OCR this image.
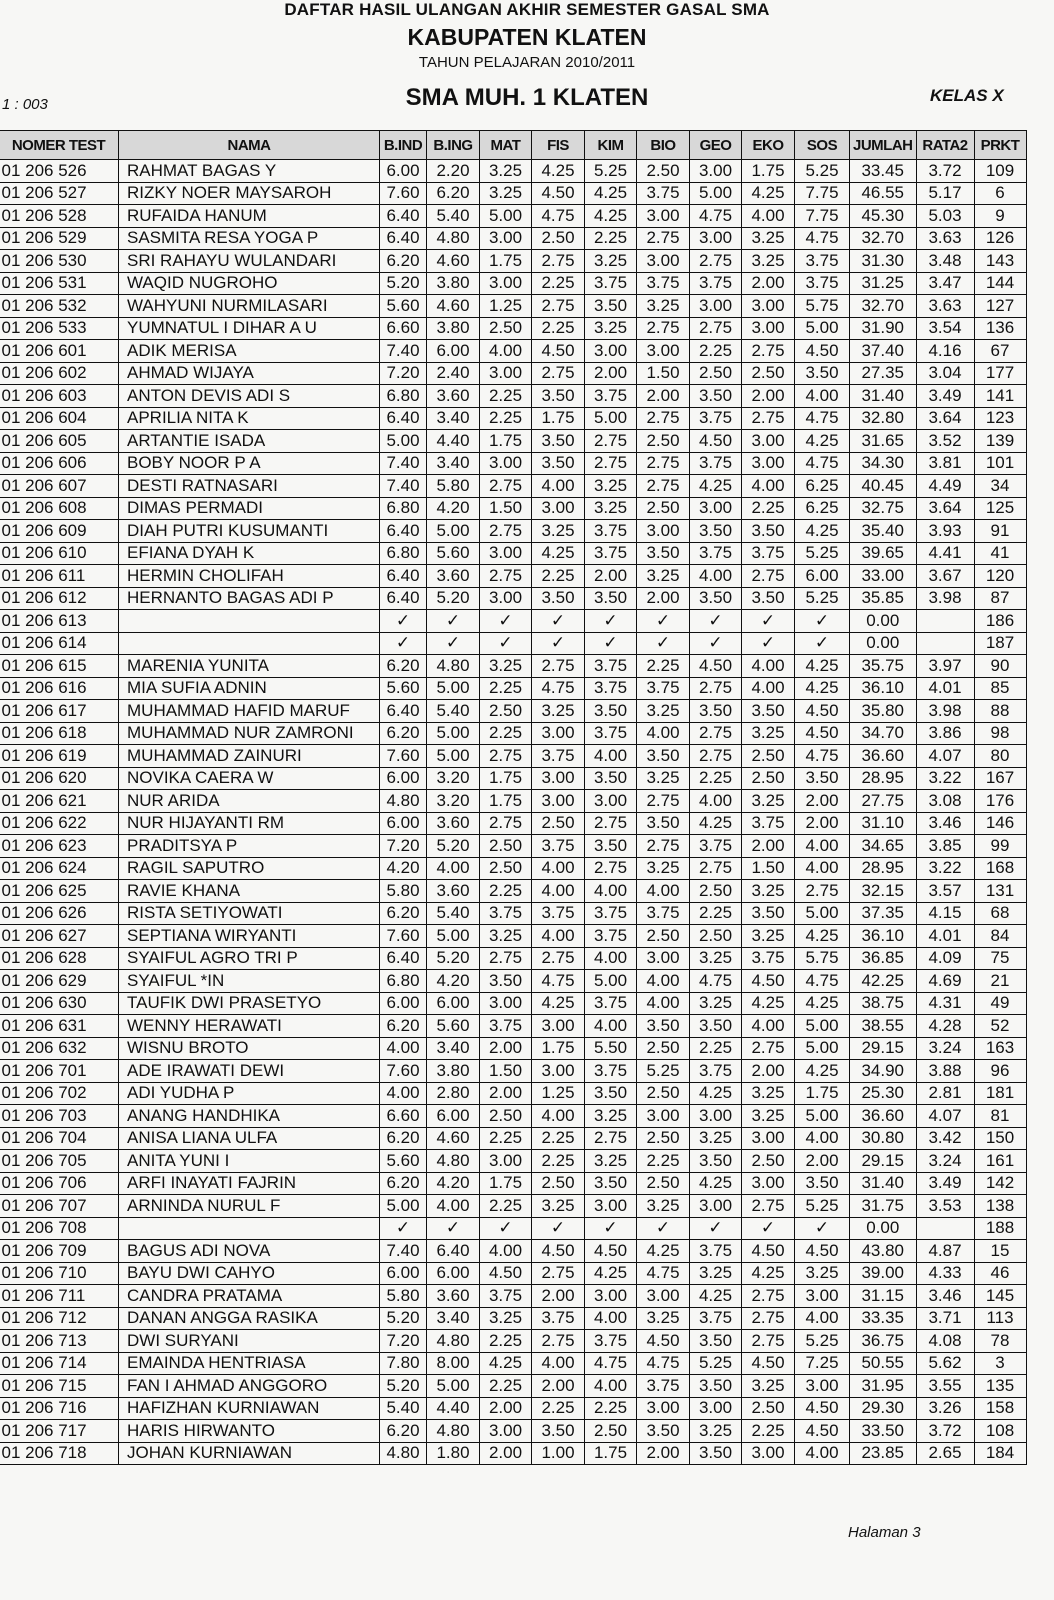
DAFTAR HASIL ULANGAN AKHIR SEMESTER GASAL SMA
KABUPATEN KLATEN
TAHUN PELAJARAN 2010/2011
SMA MUH. 1 KLATEN
1 : 003	KELAS X
NOMER TEST	NAMA	B.IND	B.ING	MAT	FIS	KIM	BIO	GEO	EKO	SOS	JUMLAH	RATA2	PRKT
01 206 526	RAHMAT BAGAS Y	6.00	2.20	3.25	4.25	5.25	2.50	3.00	1.75	5.25	33.45	3.72	109
01 206 527	RIZKY NOER MAYSAROH	7.60	6.20	3.25	4.50	4.25	3.75	5.00	4.25	7.75	46.55	5.17	6
01 206 528	RUFAIDA HANUM	6.40	5.40	5.00	4.75	4.25	3.00	4.75	4.00	7.75	45.30	5.03	9
01 206 529	SASMITA RESA YOGA P	6.40	4.80	3.00	2.50	2.25	2.75	3.00	3.25	4.75	32.70	3.63	126
01 206 530	SRI RAHAYU WULANDARI	6.20	4.60	1.75	2.75	3.25	3.00	2.75	3.25	3.75	31.30	3.48	143
01 206 531	WAQID NUGROHO	5.20	3.80	3.00	2.25	3.75	3.75	3.75	2.00	3.75	31.25	3.47	144
01 206 532	WAHYUNI NURMILASARI	5.60	4.60	1.25	2.75	3.50	3.25	3.00	3.00	5.75	32.70	3.63	127
01 206 533	YUMNATUL I DIHAR A U	6.60	3.80	2.50	2.25	3.25	2.75	2.75	3.00	5.00	31.90	3.54	136
01 206 601	ADIK MERISA	7.40	6.00	4.00	4.50	3.00	3.00	2.25	2.75	4.50	37.40	4.16	67
01 206 602	AHMAD WIJAYA	7.20	2.40	3.00	2.75	2.00	1.50	2.50	2.50	3.50	27.35	3.04	177
01 206 603	ANTON DEVIS ADI S	6.80	3.60	2.25	3.50	3.75	2.00	3.50	2.00	4.00	31.40	3.49	141
01 206 604	APRILIA NITA K	6.40	3.40	2.25	1.75	5.00	2.75	3.75	2.75	4.75	32.80	3.64	123
01 206 605	ARTANTIE ISADA	5.00	4.40	1.75	3.50	2.75	2.50	4.50	3.00	4.25	31.65	3.52	139
01 206 606	BOBY NOOR P A	7.40	3.40	3.00	3.50	2.75	2.75	3.75	3.00	4.75	34.30	3.81	101
01 206 607	DESTI RATNASARI	7.40	5.80	2.75	4.00	3.25	2.75	4.25	4.00	6.25	40.45	4.49	34
01 206 608	DIMAS PERMADI	6.80	4.20	1.50	3.00	3.25	2.50	3.00	2.25	6.25	32.75	3.64	125
01 206 609	DIAH PUTRI KUSUMANTI	6.40	5.00	2.75	3.25	3.75	3.00	3.50	3.50	4.25	35.40	3.93	91
01 206 610	EFIANA DYAH K	6.80	5.60	3.00	4.25	3.75	3.50	3.75	3.75	5.25	39.65	4.41	41
01 206 611	HERMIN CHOLIFAH	6.40	3.60	2.75	2.25	2.00	3.25	4.00	2.75	6.00	33.00	3.67	120
01 206 612	HERNANTO BAGAS ADI P	6.40	5.20	3.00	3.50	3.50	2.00	3.50	3.50	5.25	35.85	3.98	87
01 206 613		✓	✓	✓	✓	✓	✓	✓	✓	✓	0.00		186
01 206 614		✓	✓	✓	✓	✓	✓	✓	✓	✓	0.00		187
01 206 615	MARENIA YUNITA	6.20	4.80	3.25	2.75	3.75	2.25	4.50	4.00	4.25	35.75	3.97	90
01 206 616	MIA SUFIA ADNIN	5.60	5.00	2.25	4.75	3.75	3.75	2.75	4.00	4.25	36.10	4.01	85
01 206 617	MUHAMMAD HAFID MARUF	6.40	5.40	2.50	3.25	3.50	3.25	3.50	3.50	4.50	35.80	3.98	88
01 206 618	MUHAMMAD NUR ZAMRONI	6.20	5.00	2.25	3.00	3.75	4.00	2.75	3.25	4.50	34.70	3.86	98
01 206 619	MUHAMMAD ZAINURI	7.60	5.00	2.75	3.75	4.00	3.50	2.75	2.50	4.75	36.60	4.07	80
01 206 620	NOVIKA CAERA W	6.00	3.20	1.75	3.00	3.50	3.25	2.25	2.50	3.50	28.95	3.22	167
01 206 621	NUR ARIDA	4.80	3.20	1.75	3.00	3.00	2.75	4.00	3.25	2.00	27.75	3.08	176
01 206 622	NUR HIJAYANTI RM	6.00	3.60	2.75	2.50	2.75	3.50	4.25	3.75	2.00	31.10	3.46	146
01 206 623	PRADITSYA P	7.20	5.20	2.50	3.75	3.50	2.75	3.75	2.00	4.00	34.65	3.85	99
01 206 624	RAGIL SAPUTRO	4.20	4.00	2.50	4.00	2.75	3.25	2.75	1.50	4.00	28.95	3.22	168
01 206 625	RAVIE KHANA	5.80	3.60	2.25	4.00	4.00	4.00	2.50	3.25	2.75	32.15	3.57	131
01 206 626	RISTA SETIYOWATI	6.20	5.40	3.75	3.75	3.75	3.75	2.25	3.50	5.00	37.35	4.15	68
01 206 627	SEPTIANA WIRYANTI	7.60	5.00	3.25	4.00	3.75	2.50	2.50	3.25	4.25	36.10	4.01	84
01 206 628	SYAIFUL AGRO TRI P	6.40	5.20	2.75	2.75	4.00	3.00	3.25	3.75	5.75	36.85	4.09	75
01 206 629	SYAIFUL *IN	6.80	4.20	3.50	4.75	5.00	4.00	4.75	4.50	4.75	42.25	4.69	21
01 206 630	TAUFIK DWI PRASETYO	6.00	6.00	3.00	4.25	3.75	4.00	3.25	4.25	4.25	38.75	4.31	49
01 206 631	WENNY HERAWATI	6.20	5.60	3.75	3.00	4.00	3.50	3.50	4.00	5.00	38.55	4.28	52
01 206 632	WISNU BROTO	4.00	3.40	2.00	1.75	5.50	2.50	2.25	2.75	5.00	29.15	3.24	163
01 206 701	ADE IRAWATI DEWI	7.60	3.80	1.50	3.00	3.75	5.25	3.75	2.00	4.25	34.90	3.88	96
01 206 702	ADI YUDHA P	4.00	2.80	2.00	1.25	3.50	2.50	4.25	3.25	1.75	25.30	2.81	181
01 206 703	ANANG HANDHIKA	6.60	6.00	2.50	4.00	3.25	3.00	3.00	3.25	5.00	36.60	4.07	81
01 206 704	ANISA LIANA ULFA	6.20	4.60	2.25	2.25	2.75	2.50	3.25	3.00	4.00	30.80	3.42	150
01 206 705	ANITA YUNI I	5.60	4.80	3.00	2.25	3.25	2.25	3.50	2.50	2.00	29.15	3.24	161
01 206 706	ARFI INAYATI FAJRIN	6.20	4.20	1.75	2.50	3.50	2.50	4.25	3.00	3.50	31.40	3.49	142
01 206 707	ARNINDA NURUL F	5.00	4.00	2.25	3.25	3.00	3.25	3.00	2.75	5.25	31.75	3.53	138
01 206 708		✓	✓	✓	✓	✓	✓	✓	✓	✓	0.00		188
01 206 709	BAGUS ADI NOVA	7.40	6.40	4.00	4.50	4.50	4.25	3.75	4.50	4.50	43.80	4.87	15
01 206 710	BAYU DWI CAHYO	6.00	6.00	4.50	2.75	4.25	4.75	3.25	4.25	3.25	39.00	4.33	46
01 206 711	CANDRA PRATAMA	5.80	3.60	3.75	2.00	3.00	3.00	4.25	2.75	3.00	31.15	3.46	145
01 206 712	DANAN ANGGA RASIKA	5.20	3.40	3.25	3.75	4.00	3.25	3.75	2.75	4.00	33.35	3.71	113
01 206 713	DWI SURYANI	7.20	4.80	2.25	2.75	3.75	4.50	3.50	2.75	5.25	36.75	4.08	78
01 206 714	EMAINDA HENTRIASA	7.80	8.00	4.25	4.00	4.75	4.75	5.25	4.50	7.25	50.55	5.62	3
01 206 715	FAN I AHMAD ANGGORO	5.20	5.00	2.25	2.00	4.00	3.75	3.50	3.25	3.00	31.95	3.55	135
01 206 716	HAFIZHAN KURNIAWAN	5.40	4.40	2.00	2.25	2.25	3.00	3.00	2.50	4.50	29.30	3.26	158
01 206 717	HARIS HIRWANTO	6.20	4.80	3.00	3.50	2.50	3.50	3.25	2.25	4.50	33.50	3.72	108
01 206 718	JOHAN KURNIAWAN	4.80	1.80	2.00	1.00	1.75	2.00	3.50	3.00	4.00	23.85	2.65	184
Halaman 3
